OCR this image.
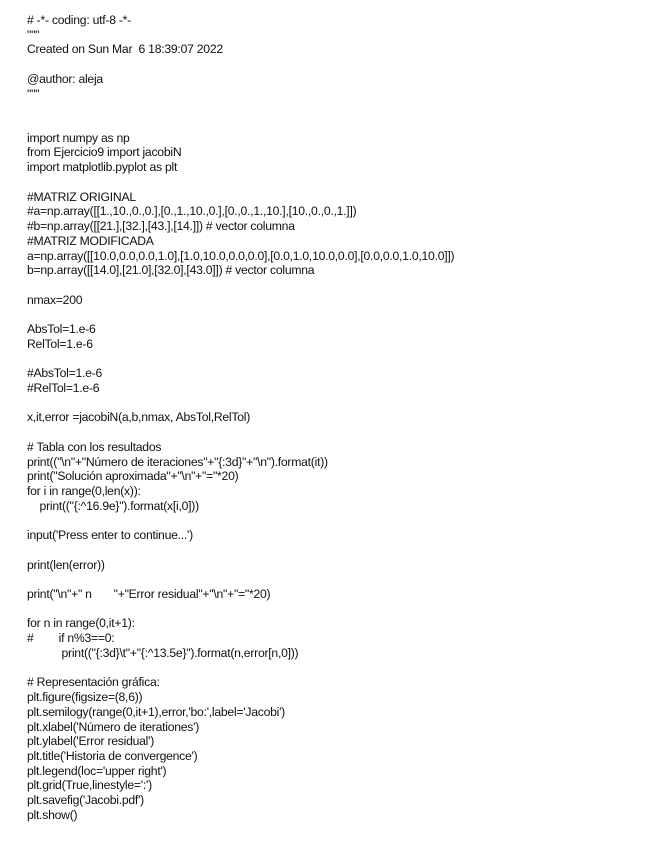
# -*- coding: utf-8 -*-
"""
Created on Sun Mar  6 18:39:07 2022
@author: aleja
"""
import numpy as np
from Ejercicio9 import jacobiN
import matplotlib.pyplot as plt
#MATRIZ ORIGINAL
#a=np.array([[1.,10.,0.,0.],[0.,1.,10.,0.],[0.,0.,1.,10.],[10.,0.,0.,1.]])
#b=np.array([[21.],[32.],[43.],[14.]]) # vector columna
#MATRIZ MODIFICADA
a=np.array([[10.0,0.0,0.0,1.0],[1.0,10.0,0.0,0.0],[0.0,1.0,10.0,0.0],[0.0,0.0,1.0,10.0]])
b=np.array([[14.0],[21.0],[32.0],[43.0]]) # vector columna
nmax=200
AbsTol=1.e-6
RelTol=1.e-6
#AbsTol=1.e-6
#RelTol=1.e-6
x,it,error =jacobiN(a,b,nmax, AbsTol,RelTol)
# Tabla con los resultados
print(("\n"+"Número de iteraciones"+"{:3d}"+"\n").format(it))
print("Solución aproximada"+"\n"+"="*20)
for i in range(0,len(x)):
print(("{:^16.9e}").format(x[i,0]))
input('Press enter to continue...')
print(len(error))
print("\n"+" n       "+"Error residual"+"\n"+"="*20)
for n in range(0,it+1):
#        if n%3==0:
print(("{:3d}\t"+"{:^13.5e}").format(n,error[n,0]))
# Representación gráfica:
plt.figure(figsize=(8,6))
plt.semilogy(range(0,it+1),error,'bo:',label='Jacobi')
plt.xlabel('Número de iterationes')
plt.ylabel('Error residual')
plt.title('Historia de convergence')
plt.legend(loc='upper right')
plt.grid(True,linestyle=':')
plt.savefig('Jacobi.pdf')
plt.show()
